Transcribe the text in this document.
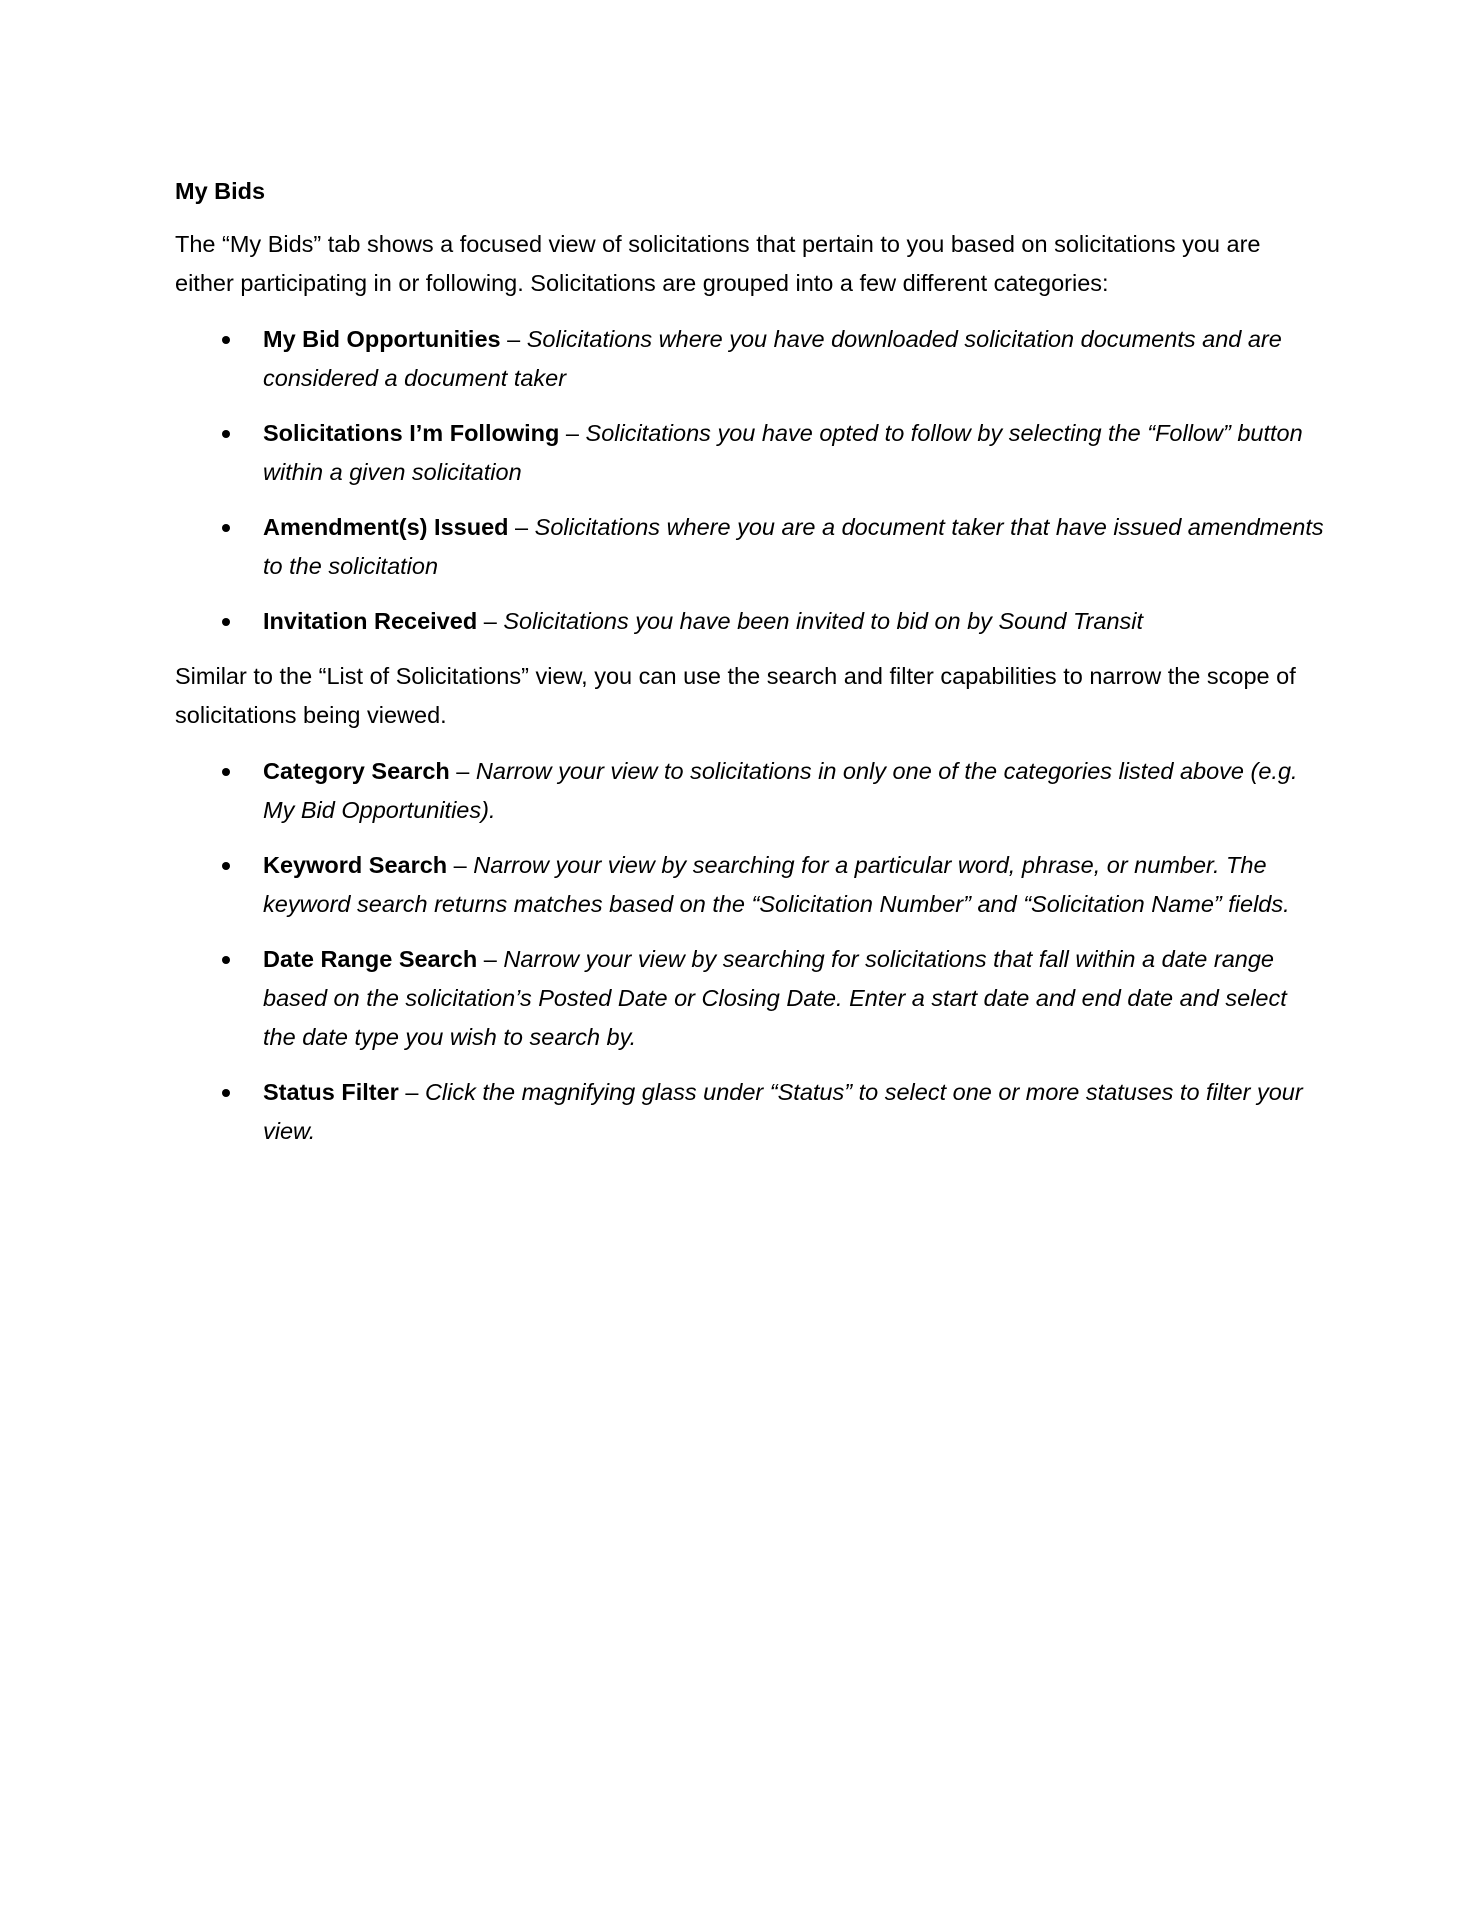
My Bids
The “My Bids” tab shows a focused view of solicitations that pertain to you based on solicitations you are either participating in or following. Solicitations are grouped into a few different categories:
My Bid Opportunities – Solicitations where you have downloaded solicitation documents and are considered a document taker
Solicitations I’m Following – Solicitations you have opted to follow by selecting the “Follow” button within a given solicitation
Amendment(s) Issued – Solicitations where you are a document taker that have issued amendments to the solicitation
Invitation Received – Solicitations you have been invited to bid on by Sound Transit
Similar to the “List of Solicitations” view, you can use the search and filter capabilities to narrow the scope of solicitations being viewed.
Category Search – Narrow your view to solicitations in only one of the categories listed above (e.g. My Bid Opportunities).
Keyword Search – Narrow your view by searching for a particular word, phrase, or number. The keyword search returns matches based on the “Solicitation Number” and “Solicitation Name” fields.
Date Range Search – Narrow your view by searching for solicitations that fall within a date range based on the solicitation’s Posted Date or Closing Date. Enter a start date and end date and select the date type you wish to search by.
Status Filter – Click the magnifying glass under “Status” to select one or more statuses to filter your view.
